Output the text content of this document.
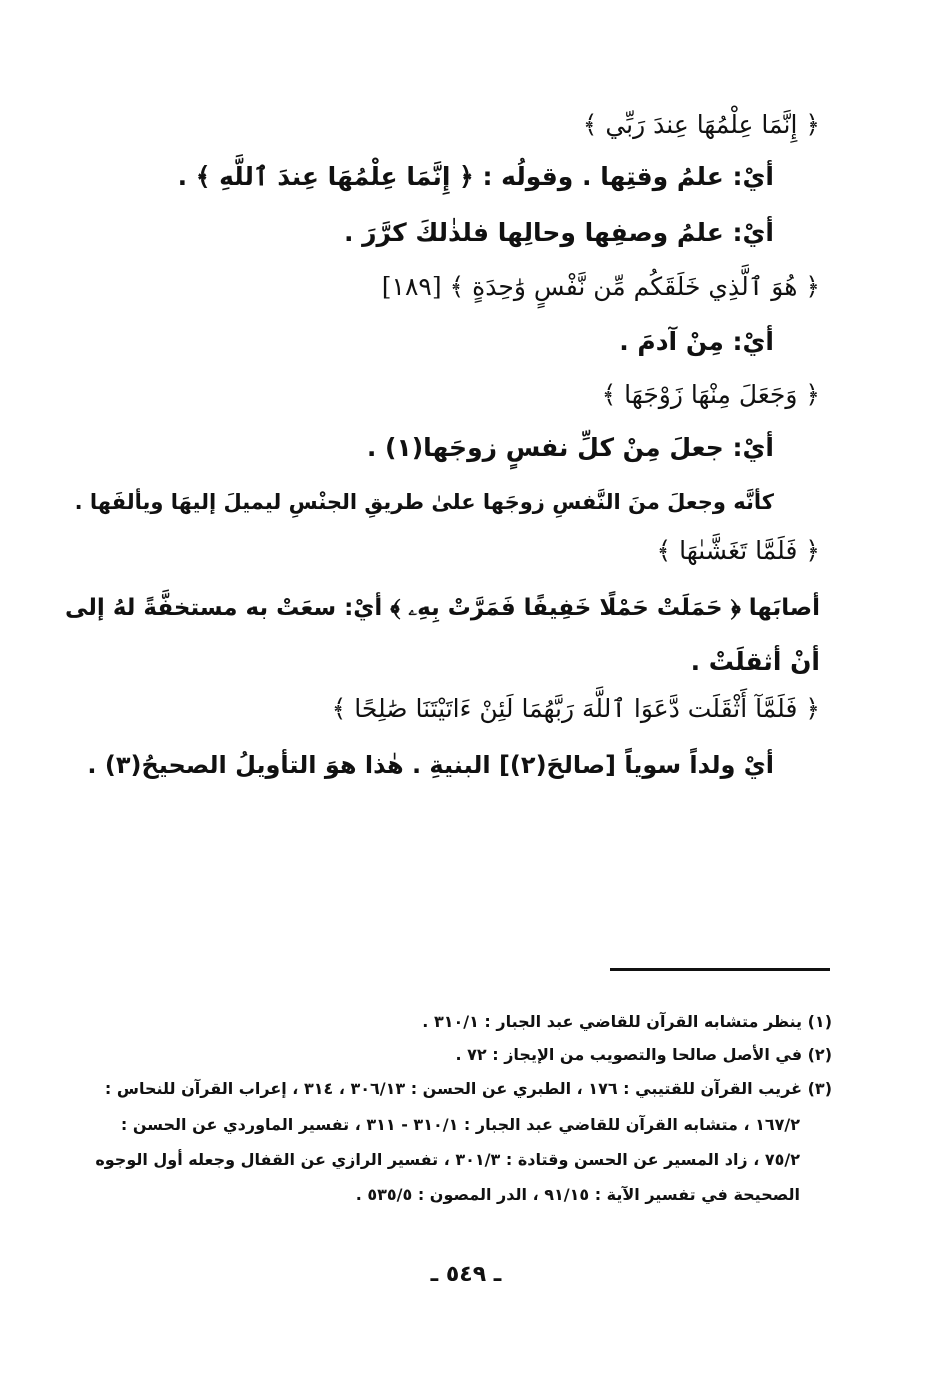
﴿ إِنَّمَا عِلْمُهَا عِندَ رَبِّي ﴾
أيْ: علمُ وقتِها . وقولُه : ﴿ إِنَّمَا عِلْمُهَا عِندَ ٱللَّهِ ﴾ .
أيْ: علمُ وصفِها وحالِها فلذٰلكَ كرَّرَ .
﴿ هُوَ ٱلَّذِي خَلَقَكُم مِّن نَّفْسٍ وَٰحِدَةٍ ﴾ [١٨٩]
أيْ: مِنْ آدمَ .
﴿ وَجَعَلَ مِنْهَا زَوْجَهَا ﴾
أيْ: جعلَ مِنْ كلِّ نفسٍ زوجَها(١) .
كأنَّه وجعلَ منَ النَّفسِ زوجَها علىٰ طريقِ الجنْسِ ليميلَ إليهَا ويألفَها .
﴿ فَلَمَّا تَغَشَّىٰهَا ﴾
أصابَها ﴿ حَمَلَتْ حَمْلًا خَفِيفًا فَمَرَّتْ بِهِۦ ﴾ أيْ: سعَتْ به مستخفَّةً لهُ إلى
أنْ أثقلَتْ .
﴿ فَلَمَّآ أَثْقَلَت دَّعَوَا ٱللَّهَ رَبَّهُمَا لَئِنْ ءَاتَيْتَنَا صَٰلِحًا ﴾
أيْ ولداً سوياً [صالحَ(٢)] البنيةِ . هٰذا هوَ التأويلُ الصحيحُ(٣) .
(١) ينظر متشابه القرآن للقاضي عبد الجبار : ٣١٠/١ .
(٢) في الأصل صالحا والتصويب من الإيجاز : ٧٢ .
(٣) غريب القرآن للقتيبي : ١٧٦ ، الطبري عن الحسن : ٣٠٦/١٣ ، ٣١٤ ، إعراب القرآن للنحاس :
١٦٧/٢ ، متشابه القرآن للقاضي عبد الجبار : ٣١٠/١ - ٣١١ ، تفسير الماوردي عن الحسن :
٧٥/٢ ، زاد المسير عن الحسن وقتادة : ٣٠١/٣ ، تفسير الرازي عن القفال وجعله أول الوجوه
الصحيحة في تفسير الآية : ٩١/١٥ ، الدر المصون : ٥٣٥/٥ .
ـ ٥٤٩ ـ
